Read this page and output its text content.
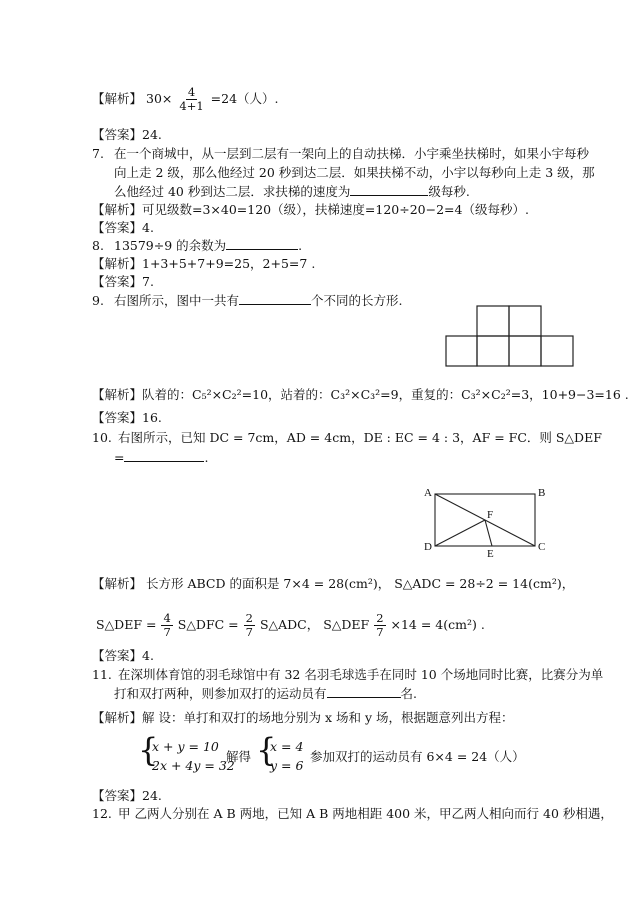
【解析】 $30\times \frac{4}{4+1} =24$（人）.
【答案】24.
7. 在一个商城中，从一层到二层有一架向上的自动扶梯．小宇乘坐扶梯时，如果小宇每秒
向上走 2 级，那么他经过 20 秒到达二层．如果扶梯不动，小宇以每秒向上走 3 级，那
么他经过 40 秒到达二层．求扶梯的速度为	级每秒.
【解析】可见级数=3×40=120（级），扶梯速度=120÷20−2=4（级每秒）.
【答案】4.
8. 13579÷9 的余数为	.
【解析】1+3+5+7+9=25，2+5=7 .
【答案】7.
9. 右图所示，图中一共有	个不同的长方形.
【解析】队着的：C₅²×C₂²=10，站着的：C₃²×C₃²=9，重复的：C₃²×C₂²=3，10+9−3=16 .
【答案】16.
10. 右图所示，已知 DC = 7cm，AD = 4cm，DE : EC = 4 : 3，AF = FC．则 S△DEF
=	.
A	B
D	C
E
F
【解析】 长方形 ABCD 的面积是 7×4 = 28(cm²)， S△ADC = 28÷2 = 14(cm²)，
S△DEF = $\frac{4}{7}$ S△DFC = $\frac{2}{7}$ S△ADC， S△DEF $\frac{2}{7} \times 14 = 4(cm^2)$ .
【答案】4.
11. 在深圳体育馆的羽毛球馆中有 32 名羽毛球选手在同时 10 个场地同时比赛，比赛分为单
打和双打两种，则参加双打的运动员有	名.
【解析】解 设：单打和双打的场地分别为 x 场和 y 场，根据题意列出方程：
{
x + y = 10
2x + 4y = 32
解得 {
x = 4
y = 6
参加双打的运动员有 6×4 = 24（人）
【答案】24.
12. 甲 乙两人分别在 A B 两地，已知 A B 两地相距 400 米，甲乙两人相向而行 40 秒相遇，
